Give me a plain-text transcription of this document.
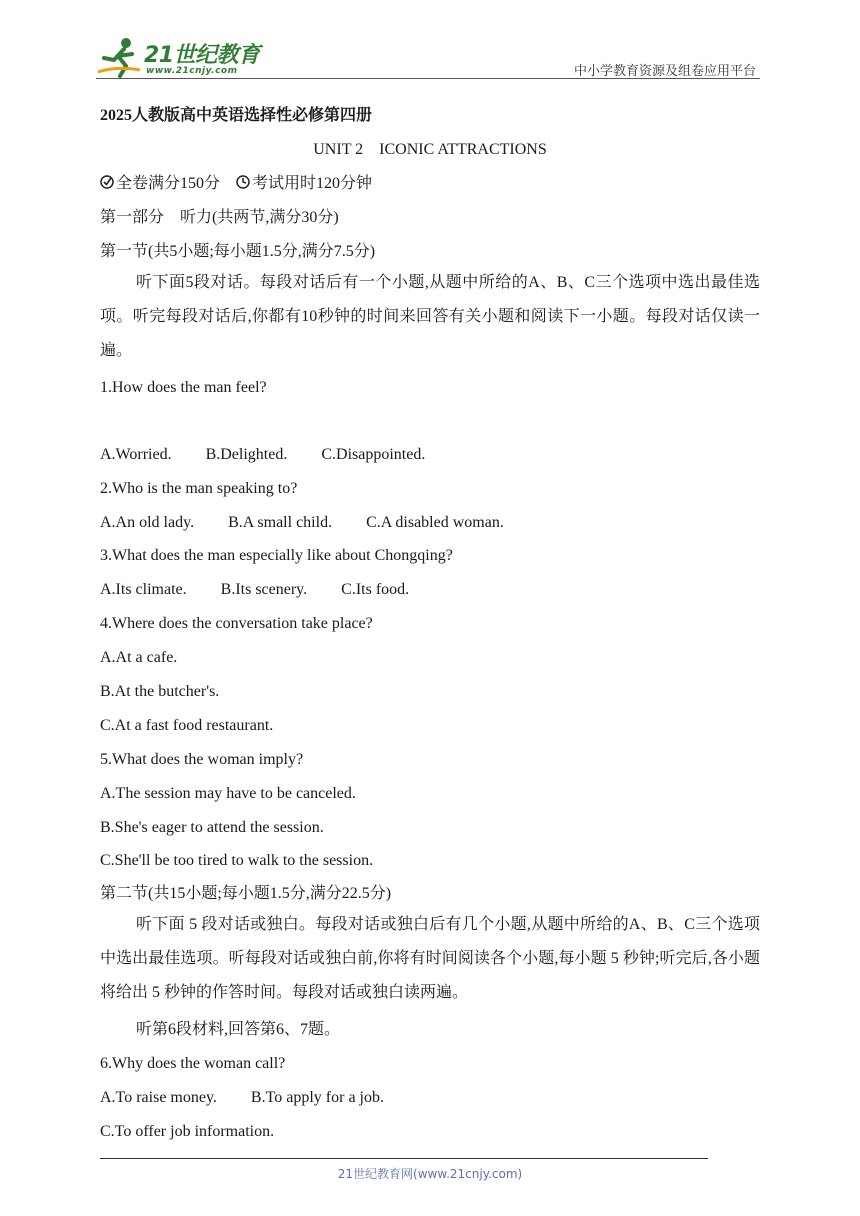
21世纪教育
www.21cnjy.com	中小学教育资源及组卷应用平台
2025人教版高中英语选择性必修第四册
UNIT 2　ICONIC ATTRACTIONS
全卷满分150分 考试用时120分钟
第一部分　听力(共两节,满分30分)
第一节(共5小题;每小题1.5分,满分7.5分)
听下面5段对话。每段对话后有一个小题,从题中所给的A、B、C三个选项中选出最佳选项。听完每段对话后,你都有10秒钟的时间来回答有关小题和阅读下一小题。每段对话仅读一遍。
1.How does the man feel?
A.Worried. B.Delighted. C.Disappointed.
2.Who is the man speaking to?
A.An old lady. B.A small child. C.A disabled woman.
3.What does the man especially like about Chongqing?
A.Its climate. B.Its scenery. C.Its food.
4.Where does the conversation take place?
A.At a cafe.
B.At the butcher's.
C.At a fast food restaurant.
5.What does the woman imply?
A.The session may have to be canceled.
B.She's eager to attend the session.
C.She'll be too tired to walk to the session.
第二节(共15小题;每小题1.5分,满分22.5分)
听下面 5 段对话或独白。每段对话或独白后有几个小题,从题中所给的A、B、C三个选项中选出最佳选项。听每段对话或独白前,你将有时间阅读各个小题,每小题 5 秒钟;听完后,各小题将给出 5 秒钟的作答时间。每段对话或独白读两遍。
听第6段材料,回答第6、7题。
6.Why does the woman call?
A.To raise money. B.To apply for a job.
C.To offer job information.
21世纪教育网(www.21cnjy.com)
